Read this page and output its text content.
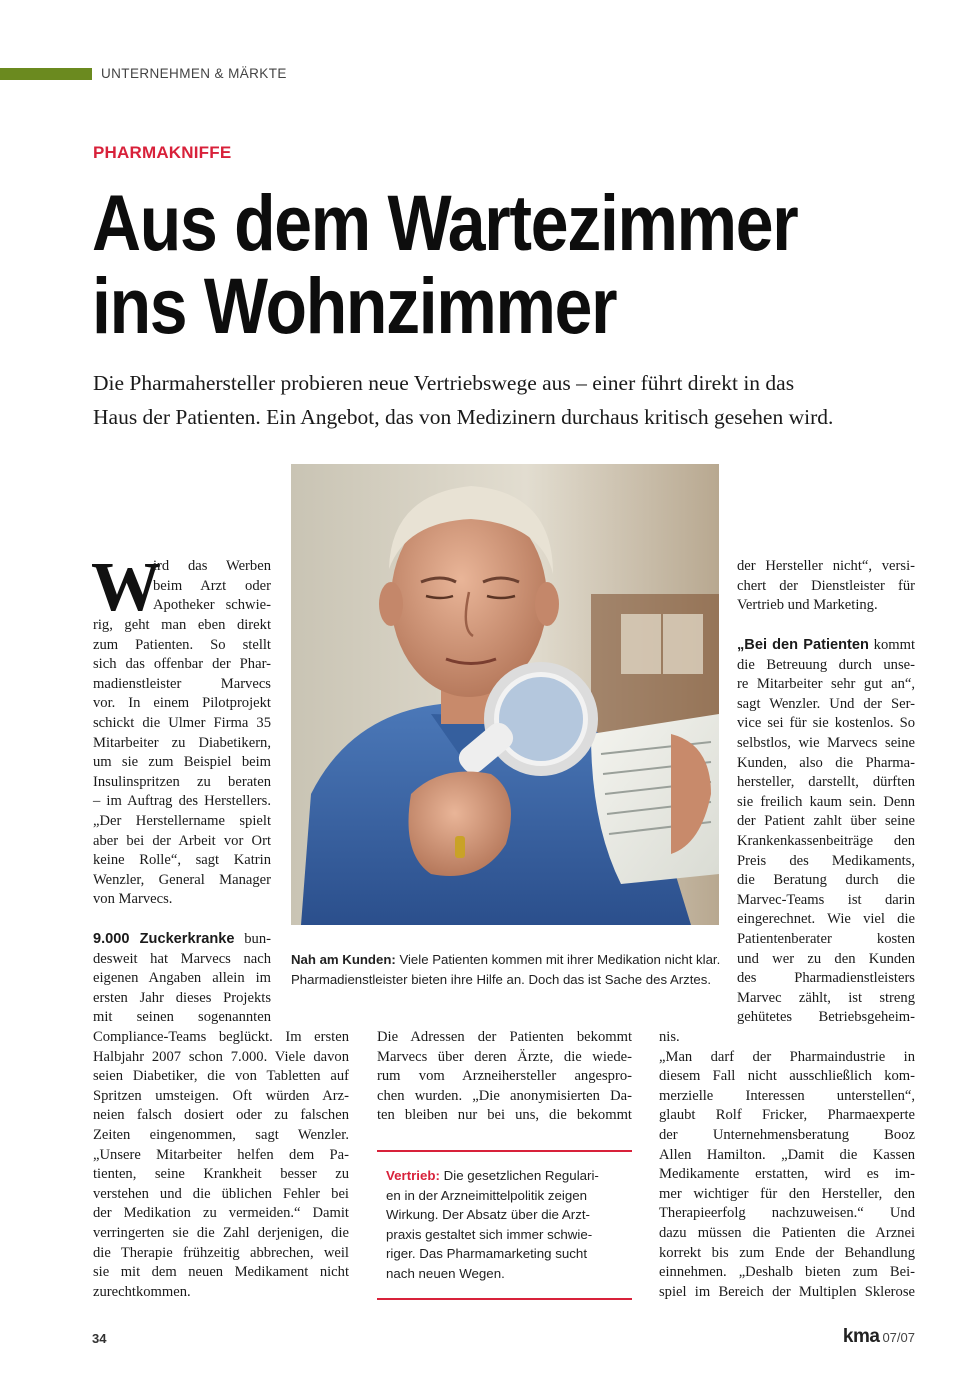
UNTERNEHMEN & MÄRKTE
PHARMAKNIFFE
Aus dem Wartezimmer
ins Wohnzimmer
Die Pharmahersteller probieren neue Vertriebswege aus – einer führt direkt in das
Haus der Patienten. Ein Angebot, das von Medizinern durchaus kritisch gesehen wird.
Nah am Kunden: Viele Patienten kommen mit ihrer Medikation nicht klar.
Pharmadienstleister bieten ihre Hilfe an. Doch das ist Sache des Arztes.
W
ird das Werben
beim Arzt oder
Apotheker schwie-
rig, geht man eben direkt
zum Patienten. So stellt
sich das offenbar der Phar-
madienstleister Marvecs
vor. In einem Pilotprojekt
schickt die Ulmer Firma 35
Mitarbeiter zu Diabetikern,
um sie zum Beispiel beim
Insulinspritzen zu beraten
– im Auftrag des Herstellers.
„Der Herstellername spielt
aber bei der Arbeit vor Ort
keine Rolle“, sagt Katrin
Wenzler, General Manager
von Marvecs.
9.000 Zuckerkranke bun-
desweit hat Marvecs nach
eigenen Angaben allein im
ersten Jahr dieses Projekts
mit seinen sogenannten
Compliance-Teams beglückt. Im ersten
Halbjahr 2007 schon 7.000. Viele davon
seien Diabetiker, die von Tabletten auf
Spritzen umsteigen. Oft würden Arz-
neien falsch dosiert oder zu falschen
Zeiten eingenommen, sagt Wenzler.
„Unsere Mitarbeiter helfen dem Pa-
tienten, seine Krankheit besser zu
verstehen und die üblichen Fehler bei
der Medikation zu vermeiden.“ Damit
verringerten sie die Zahl derjenigen, die
die Therapie frühzeitig abbrechen, weil
sie mit dem neuen Medikament nicht
zurechtkommen.
Die Adressen der Patienten bekommt
Marvecs über deren Ärzte, die wiede-
rum vom Arzneihersteller angespro-
chen wurden. „Die anonymisierten Da-
ten bleiben nur bei uns, die bekommt
Vertrieb: Die gesetzlichen Regulari-
en in der Arzneimittelpolitik zeigen
Wirkung. Der Absatz über die Arzt-
praxis gestaltet sich immer schwie-
riger. Das Pharmamarketing sucht
nach neuen Wegen.
der Hersteller nicht“, versi-
chert der Dienstleister für
Vertrieb und Marketing.
„Bei den Patienten kommt
die Betreuung durch unse-
re Mitarbeiter sehr gut an“,
sagt Wenzler. Und der Ser-
vice sei für sie kostenlos. So
selbstlos, wie Marvecs seine
Kunden, also die Pharma-
hersteller, darstellt, dürften
sie freilich kaum sein. Denn
der Patient zahlt über seine
Krankenkassenbeiträge den
Preis des Medikaments,
die Beratung durch die
Marvec-Teams ist darin
eingerechnet. Wie viel die
Patientenberater kosten
und wer zu den Kunden
des Pharmadienstleisters
Marvec zählt, ist streng
gehütetes Betriebsgeheim-
nis.
„Man darf der Pharmaindustrie in
diesem Fall nicht ausschließlich kom-
merzielle Interessen unterstellen“,
glaubt Rolf Fricker, Pharmaexperte
der Unternehmensberatung Booz
Allen Hamilton. „Damit die Kassen
Medikamente erstatten, wird es im-
mer wichtiger für den Hersteller, den
Therapieerfolg nachzuweisen.“ Und
dazu müssen die Patienten die Arznei
korrekt bis zum Ende der Behandlung
einnehmen. „Deshalb bieten zum Bei-
spiel im Bereich der Multiplen Sklerose
34	kma 07/07
